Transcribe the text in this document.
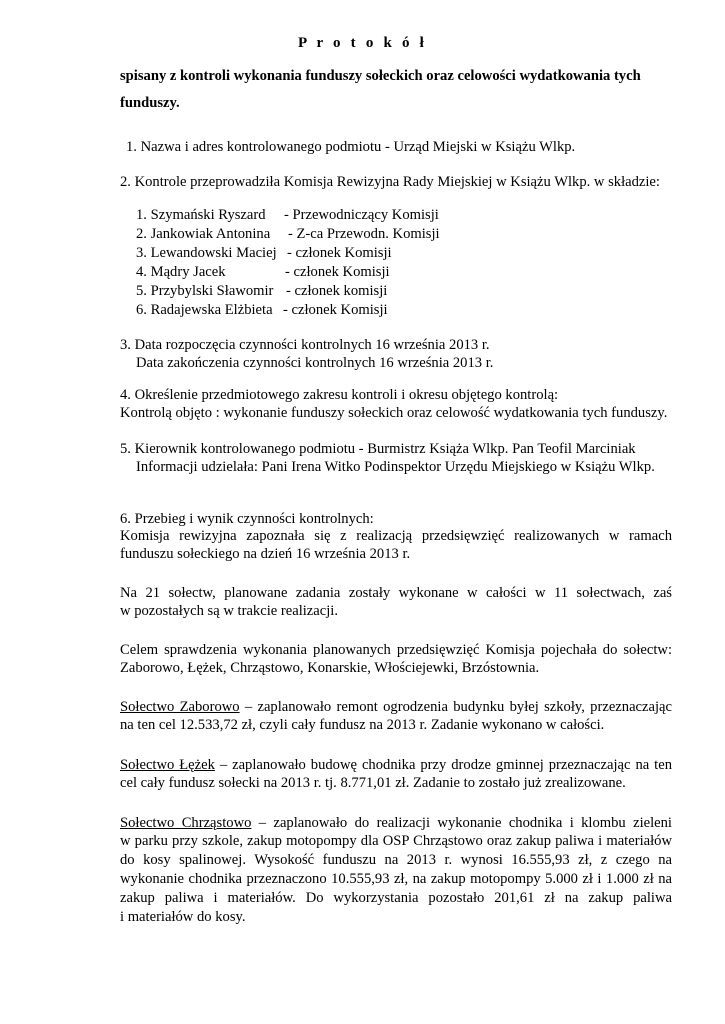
P r o t o k ó ł
spisany z kontroli wykonania funduszy sołeckich oraz celowości wydatkowania tych
funduszy.
1. Nazwa i adres kontrolowanego podmiotu - Urząd Miejski w Książu Wlkp.
2. Kontrole przeprowadziła Komisja Rewizyjna Rady Miejskiej w Książu Wlkp. w składzie:
1. Szymański Ryszard - Przewodniczący Komisji
2. Jankowiak Antonina - Z-ca Przewodn. Komisji
3. Lewandowski Maciej - członek Komisji
4. Mądry Jacek	- członek Komisji
5. Przybylski Sławomir - członek komisji
6. Radajewska Elżbieta - członek Komisji
3. Data rozpoczęcia czynności kontrolnych 16 września 2013 r.
Data zakończenia czynności kontrolnych 16 września 2013 r.
4. Określenie przedmiotowego zakresu kontroli i okresu objętego kontrolą:
Kontrolą objęto : wykonanie funduszy sołeckich oraz celowość wydatkowania tych funduszy.
5. Kierownik kontrolowanego podmiotu - Burmistrz Książa Wlkp. Pan Teofil Marciniak
Informacji udzielała: Pani Irena Witko Podinspektor Urzędu Miejskiego w Książu Wlkp.
6. Przebieg i wynik czynności kontrolnych:
Komisja rewizyjna zapoznała się z realizacją przedsięwzięć realizowanych w ramach
funduszu sołeckiego na dzień 16 września 2013 r.
Na 21 sołectw, planowane zadania zostały wykonane w całości w 11 sołectwach, zaś
w pozostałych są w trakcie realizacji.
Celem sprawdzenia wykonania planowanych przedsięwzięć Komisja pojechała do sołectw:
Zaborowo, Łężek, Chrząstowo, Konarskie, Włościejewki, Brzóstownia.
Sołectwo Zaborowo – zaplanowało remont ogrodzenia budynku byłej szkoły, przeznaczając
na ten cel 12.533,72 zł, czyli cały fundusz na 2013 r. Zadanie wykonano w całości.
Sołectwo Łężek – zaplanowało budowę chodnika przy drodze gminnej przeznaczając na ten
cel cały fundusz sołecki na 2013 r. tj. 8.771,01 zł. Zadanie to zostało już zrealizowane.
Sołectwo Chrząstowo – zaplanowało do realizacji wykonanie chodnika i klombu zieleni
w parku przy szkole, zakup motopompy dla OSP Chrząstowo oraz zakup paliwa i materiałów
do kosy spalinowej. Wysokość funduszu na 2013 r. wynosi 16.555,93 zł, z czego na
wykonanie chodnika przeznaczono 10.555,93 zł, na zakup motopompy 5.000 zł i 1.000 zł na
zakup paliwa i materiałów. Do wykorzystania pozostało 201,61 zł na zakup paliwa
i materiałów do kosy.
